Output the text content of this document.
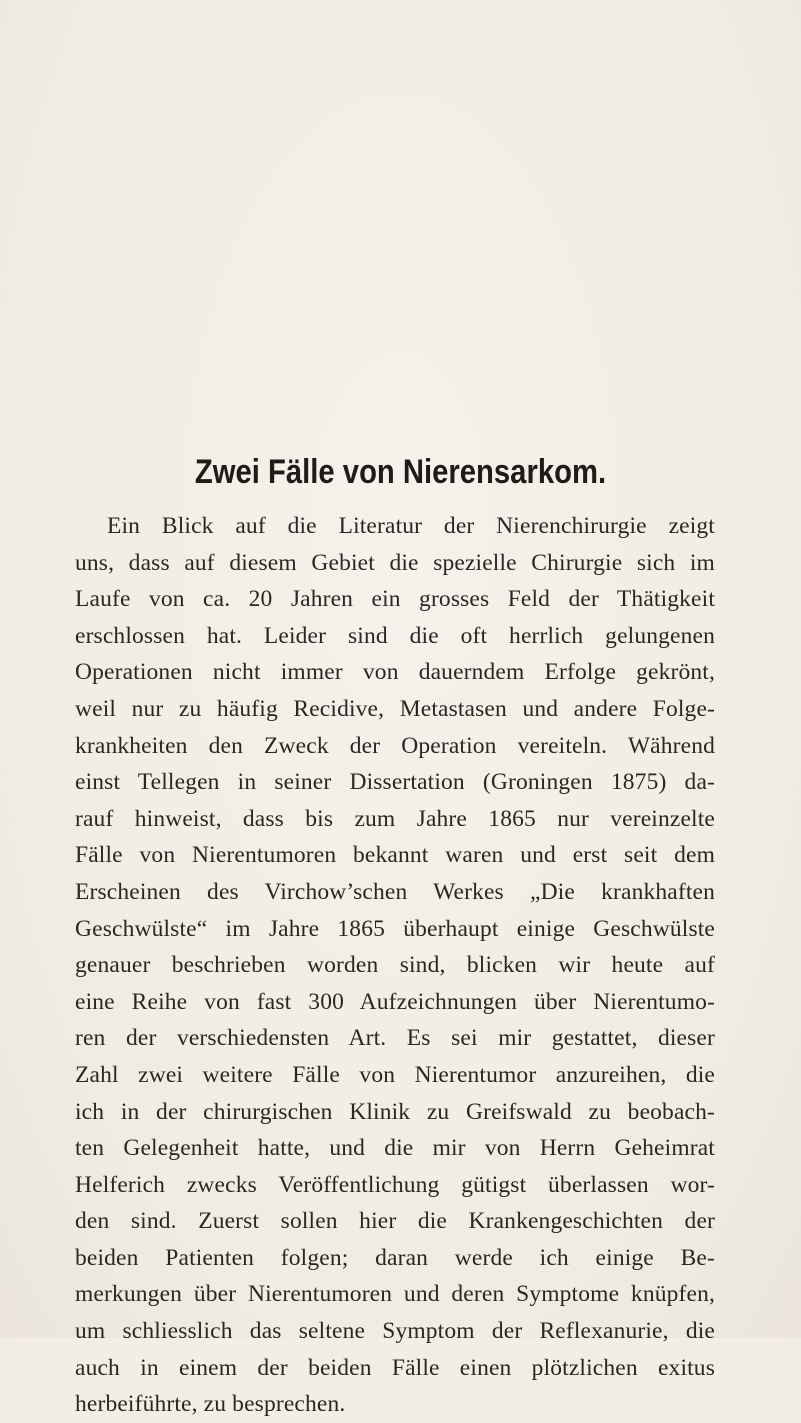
Zwei Fälle von Nierensarkom.
Ein Blick auf die Literatur der Nierenchirurgie zeigt
uns, dass auf diesem Gebiet die spezielle Chirurgie sich im
Laufe von ca. 20 Jahren ein grosses Feld der Thätigkeit
erschlossen hat. Leider sind die oft herrlich gelungenen
Operationen nicht immer von dauerndem Erfolge gekrönt,
weil nur zu häufig Recidive, Metastasen und andere Folge-
krankheiten den Zweck der Operation vereiteln. Während
einst Tellegen in seiner Dissertation (Groningen 1875) da-
rauf hinweist, dass bis zum Jahre 1865 nur vereinzelte
Fälle von Nierentumoren bekannt waren und erst seit dem
Erscheinen des Virchow’schen Werkes „Die krankhaften
Geschwülste“ im Jahre 1865 überhaupt einige Geschwülste
genauer beschrieben worden sind, blicken wir heute auf
eine Reihe von fast 300 Aufzeichnungen über Nierentumo-
ren der verschiedensten Art. Es sei mir gestattet, dieser
Zahl zwei weitere Fälle von Nierentumor anzureihen, die
ich in der chirurgischen Klinik zu Greifswald zu beobach-
ten Gelegenheit hatte, und die mir von Herrn Geheimrat
Helferich zwecks Veröffentlichung gütigst überlassen wor-
den sind. Zuerst sollen hier die Krankengeschichten der
beiden Patienten folgen; daran werde ich einige Be-
merkungen über Nierentumoren und deren Symptome knüpfen,
um schliesslich das seltene Symptom der Reflexanurie, die
auch in einem der beiden Fälle einen plötzlichen exitus
herbeiführte, zu besprechen.
